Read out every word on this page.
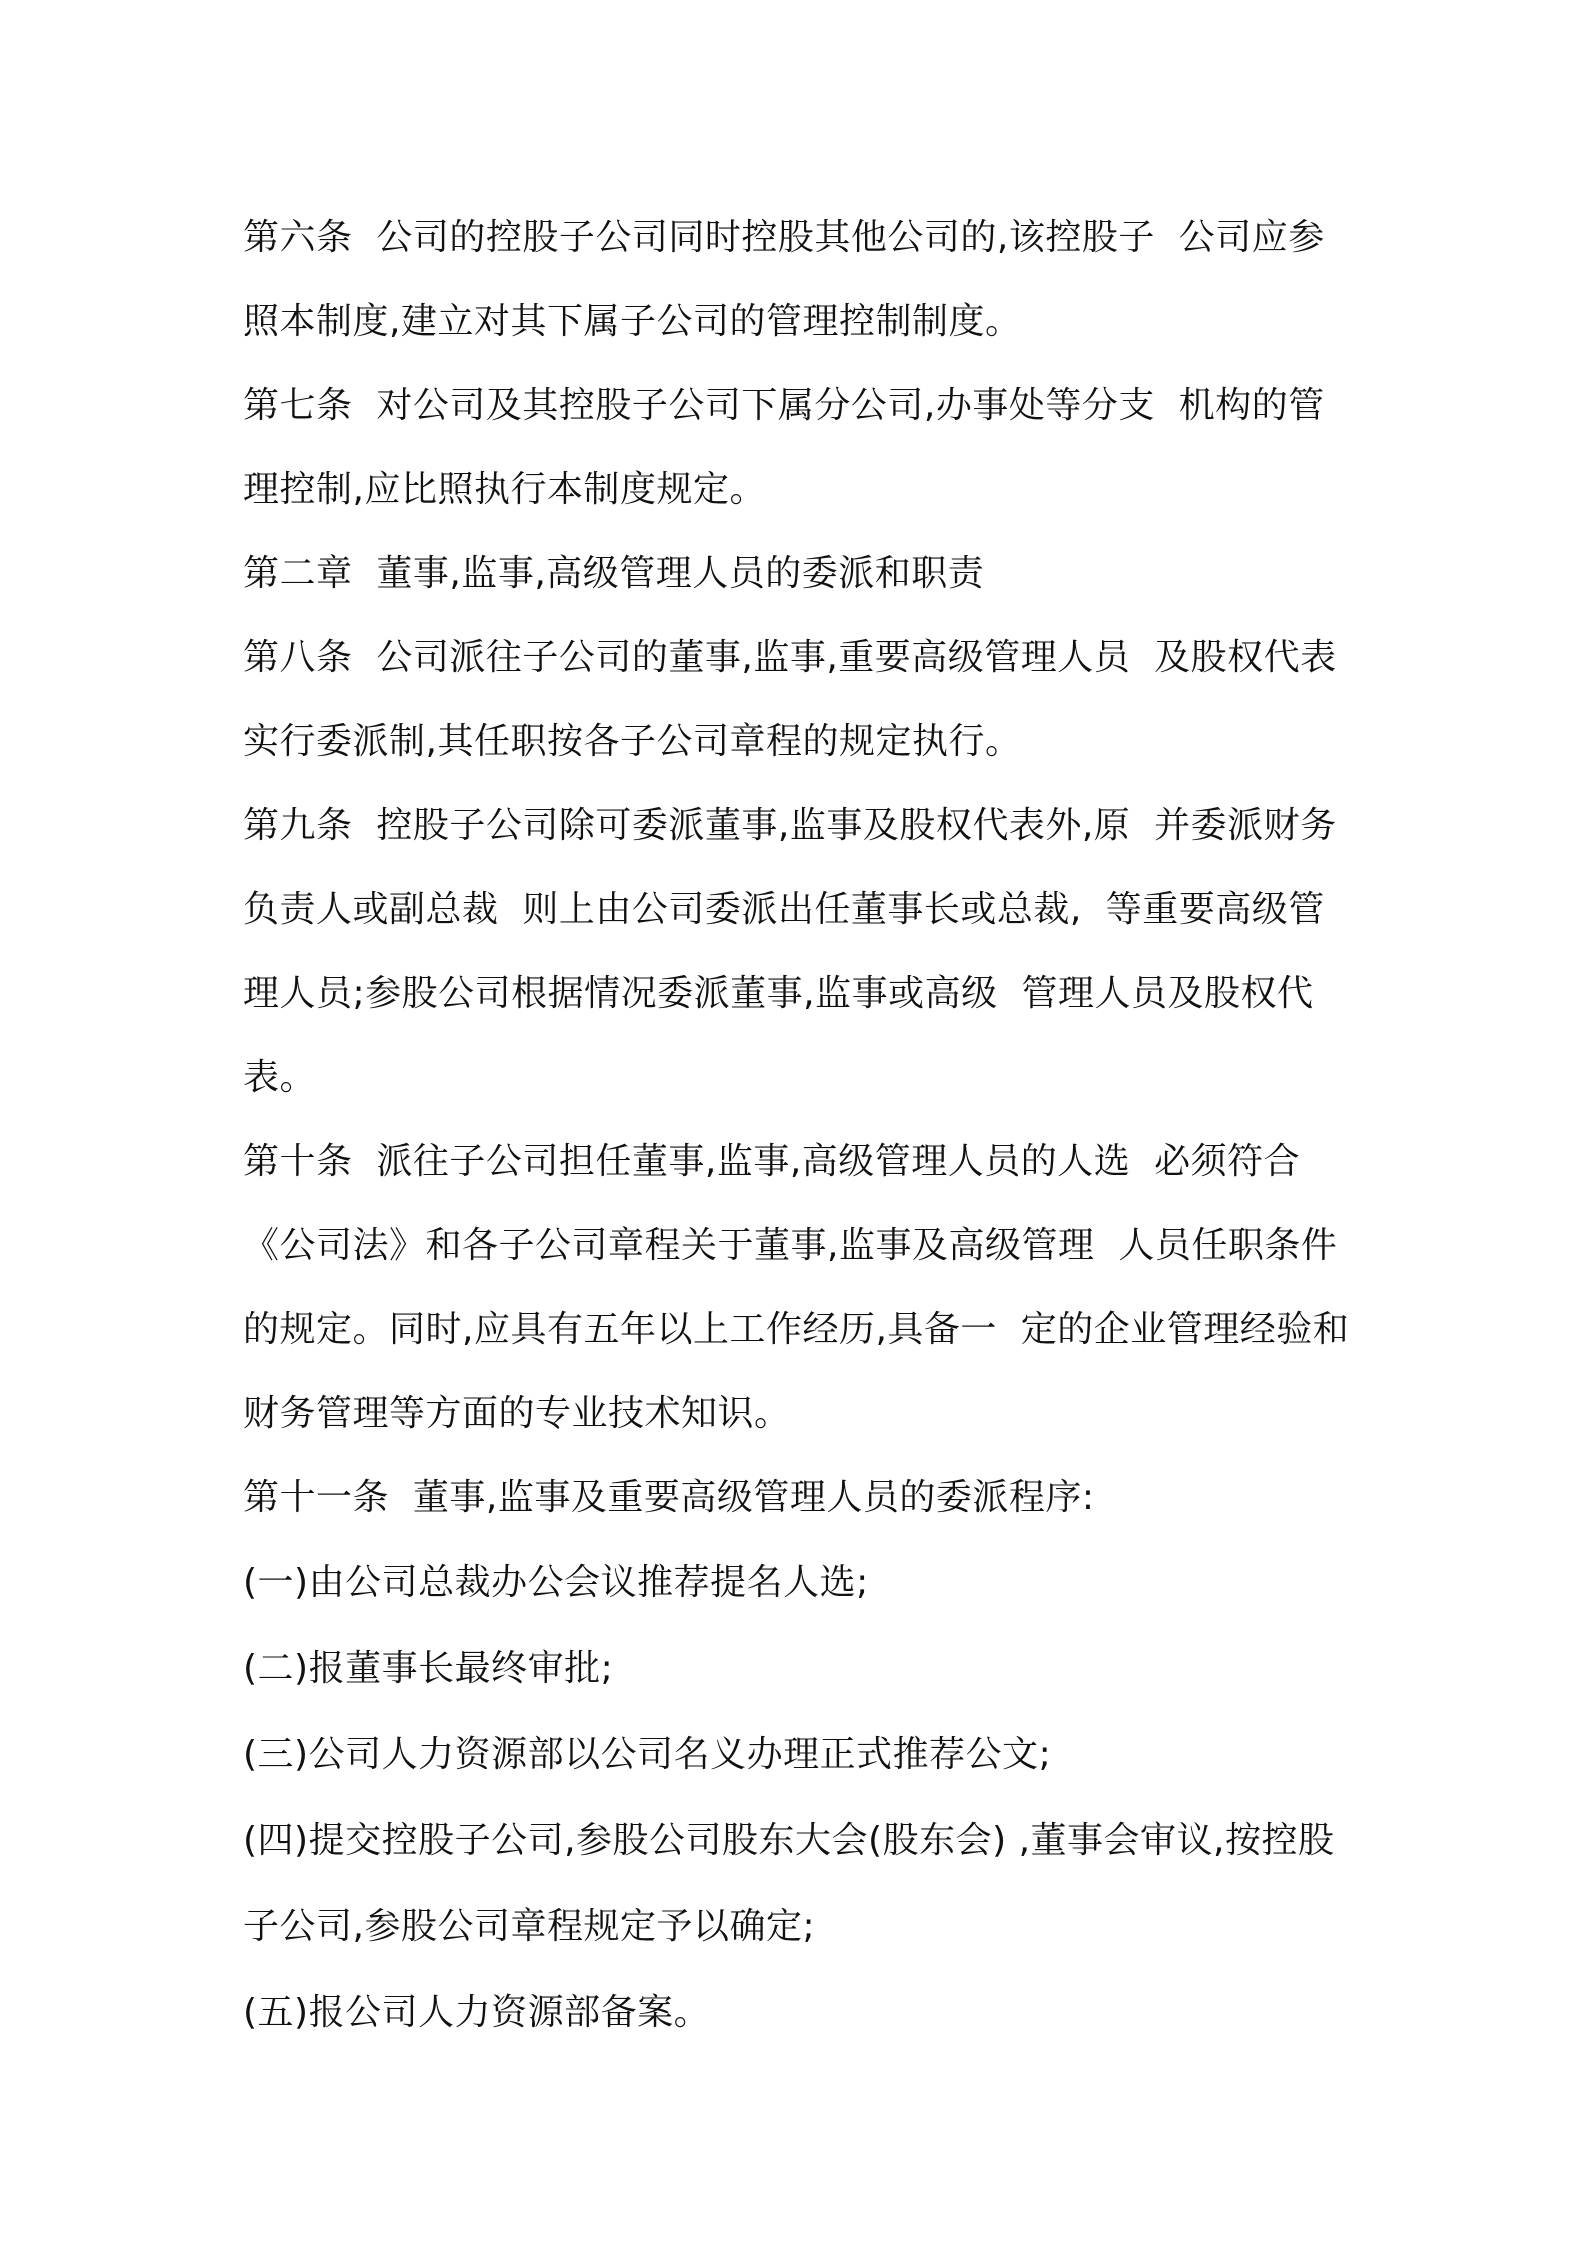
第六条  公司的控股子公司同时控股其他公司的,该控股子  公司应参
照本制度,建立对其下属子公司的管理控制制度。
第七条  对公司及其控股子公司下属分公司,办事处等分支  机构的管
理控制,应比照执行本制度规定。
第二章  董事,监事,高级管理人员的委派和职责
第八条  公司派往子公司的董事,监事,重要高级管理人员  及股权代表
实行委派制,其任职按各子公司章程的规定执行。
第九条  控股子公司除可委派董事,监事及股权代表外,原  并委派财务
负责人或副总裁  则上由公司委派出任董事长或总裁,  等重要高级管
理人员;参股公司根据情况委派董事,监事或高级  管理人员及股权代
表。
第十条  派往子公司担任董事,监事,高级管理人员的人选  必须符合
《公司法》和各子公司章程关于董事,监事及高级管理  人员任职条件
的规定。同时,应具有五年以上工作经历,具备一  定的企业管理经验和
财务管理等方面的专业技术知识。
第十一条  董事,监事及重要高级管理人员的委派程序:
(一)由公司总裁办公会议推荐提名人选;
(二)报董事长最终审批;
(三)公司人力资源部以公司名义办理正式推荐公文;
(四)提交控股子公司,参股公司股东大会(股东会) ,董事会审议,按控股
子公司,参股公司章程规定予以确定;
(五)报公司人力资源部备案。
